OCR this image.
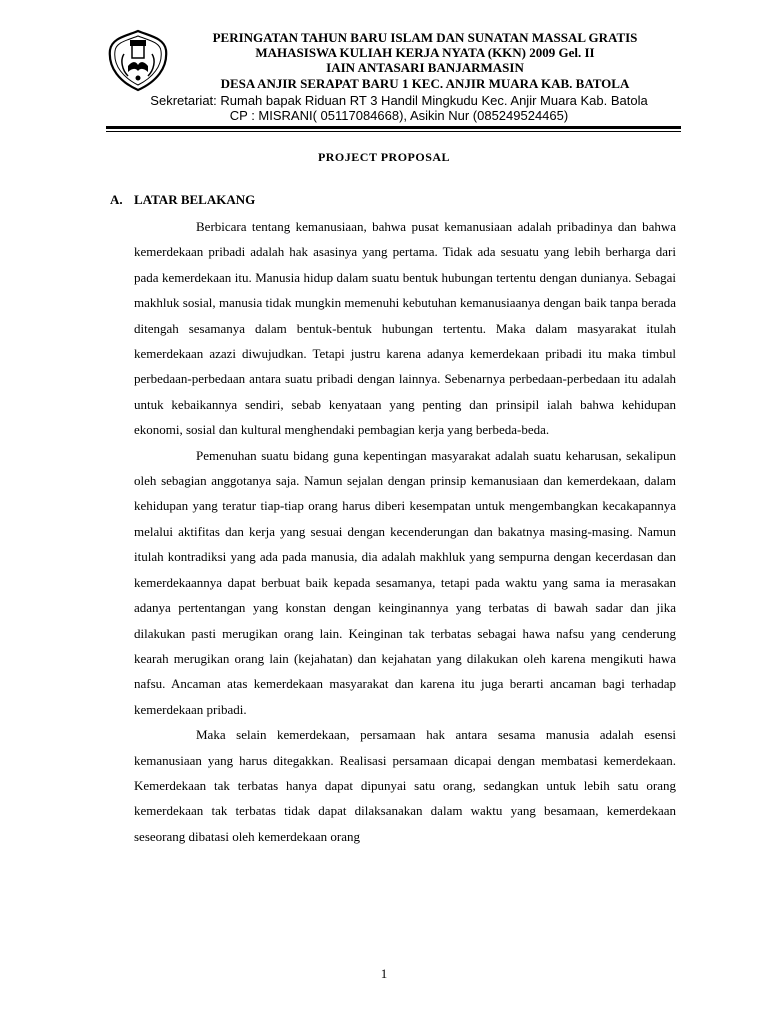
PERINGATAN TAHUN BARU ISLAM DAN SUNATAN MASSAL GRATIS
MAHASISWA KULIAH KERJA NYATA (KKN) 2009 Gel. II
IAIN ANTASARI BANJARMASIN
DESA ANJIR SERAPAT BARU 1 KEC. ANJIR MUARA KAB. BATOLA
Sekretariat: Rumah bapak Riduan RT 3 Handil Mingkudu Kec. Anjir Muara Kab. Batola
CP : MISRANI( 05117084668), Asikin Nur (085249524465)
PROJECT PROPOSAL
A. LATAR BELAKANG

Berbicara tentang kemanusiaan, bahwa pusat kemanusiaan adalah pribadinya dan bahwa kemerdekaan pribadi adalah hak asasinya yang pertama. Tidak ada sesuatu yang lebih berharga dari pada kemerdekaan itu. Manusia hidup dalam suatu bentuk hubungan tertentu dengan dunianya. Sebagai makhluk sosial, manusia tidak mungkin memenuhi kebutuhan kemanusiaanya dengan baik tanpa berada ditengah sesamanya dalam bentuk-bentuk hubungan tertentu. Maka dalam masyarakat itulah kemerdekaan azazi diwujudkan. Tetapi justru karena adanya kemerdekaan pribadi itu maka timbul perbedaan-perbedaan antara suatu pribadi dengan lainnya. Sebenarnya perbedaan-perbedaan itu adalah untuk kebaikannya sendiri, sebab kenyataan yang penting dan prinsipil ialah bahwa kehidupan ekonomi, sosial dan kultural menghendaki pembagian kerja yang berbeda-beda.

Pemenuhan suatu bidang guna kepentingan masyarakat adalah suatu keharusan, sekalipun oleh sebagian anggotanya saja. Namun sejalan dengan prinsip kemanusiaan dan kemerdekaan, dalam kehidupan yang teratur tiap-tiap orang harus diberi kesempatan untuk mengembangkan kecakapannya melalui aktifitas dan kerja yang sesuai dengan kecenderungan dan bakatnya masing-masing. Namun itulah kontradiksi yang ada pada manusia, dia adalah makhluk yang sempurna dengan kecerdasan dan kemerdekaannya dapat berbuat baik kepada sesamanya, tetapi pada waktu yang sama ia merasakan adanya pertentangan yang konstan dengan keinginannya yang terbatas di bawah sadar dan jika dilakukan pasti merugikan orang lain. Keinginan tak terbatas sebagai hawa nafsu yang cenderung kearah merugikan orang lain (kejahatan) dan kejahatan yang dilakukan oleh karena mengikuti hawa nafsu. Ancaman atas kemerdekaan masyarakat dan karena itu juga berarti ancaman bagi terhadap kemerdekaan pribadi.

Maka selain kemerdekaan, persamaan hak antara sesama manusia adalah esensi kemanusiaan yang harus ditegakkan. Realisasi persamaan dicapai dengan membatasi kemerdekaan. Kemerdekaan tak terbatas hanya dapat dipunyai satu orang, sedangkan untuk lebih satu orang kemerdekaan tak terbatas tidak dapat dilaksanakan dalam waktu yang besamaan, kemerdekaan seseorang dibatasi oleh kemerdekaan orang

1
